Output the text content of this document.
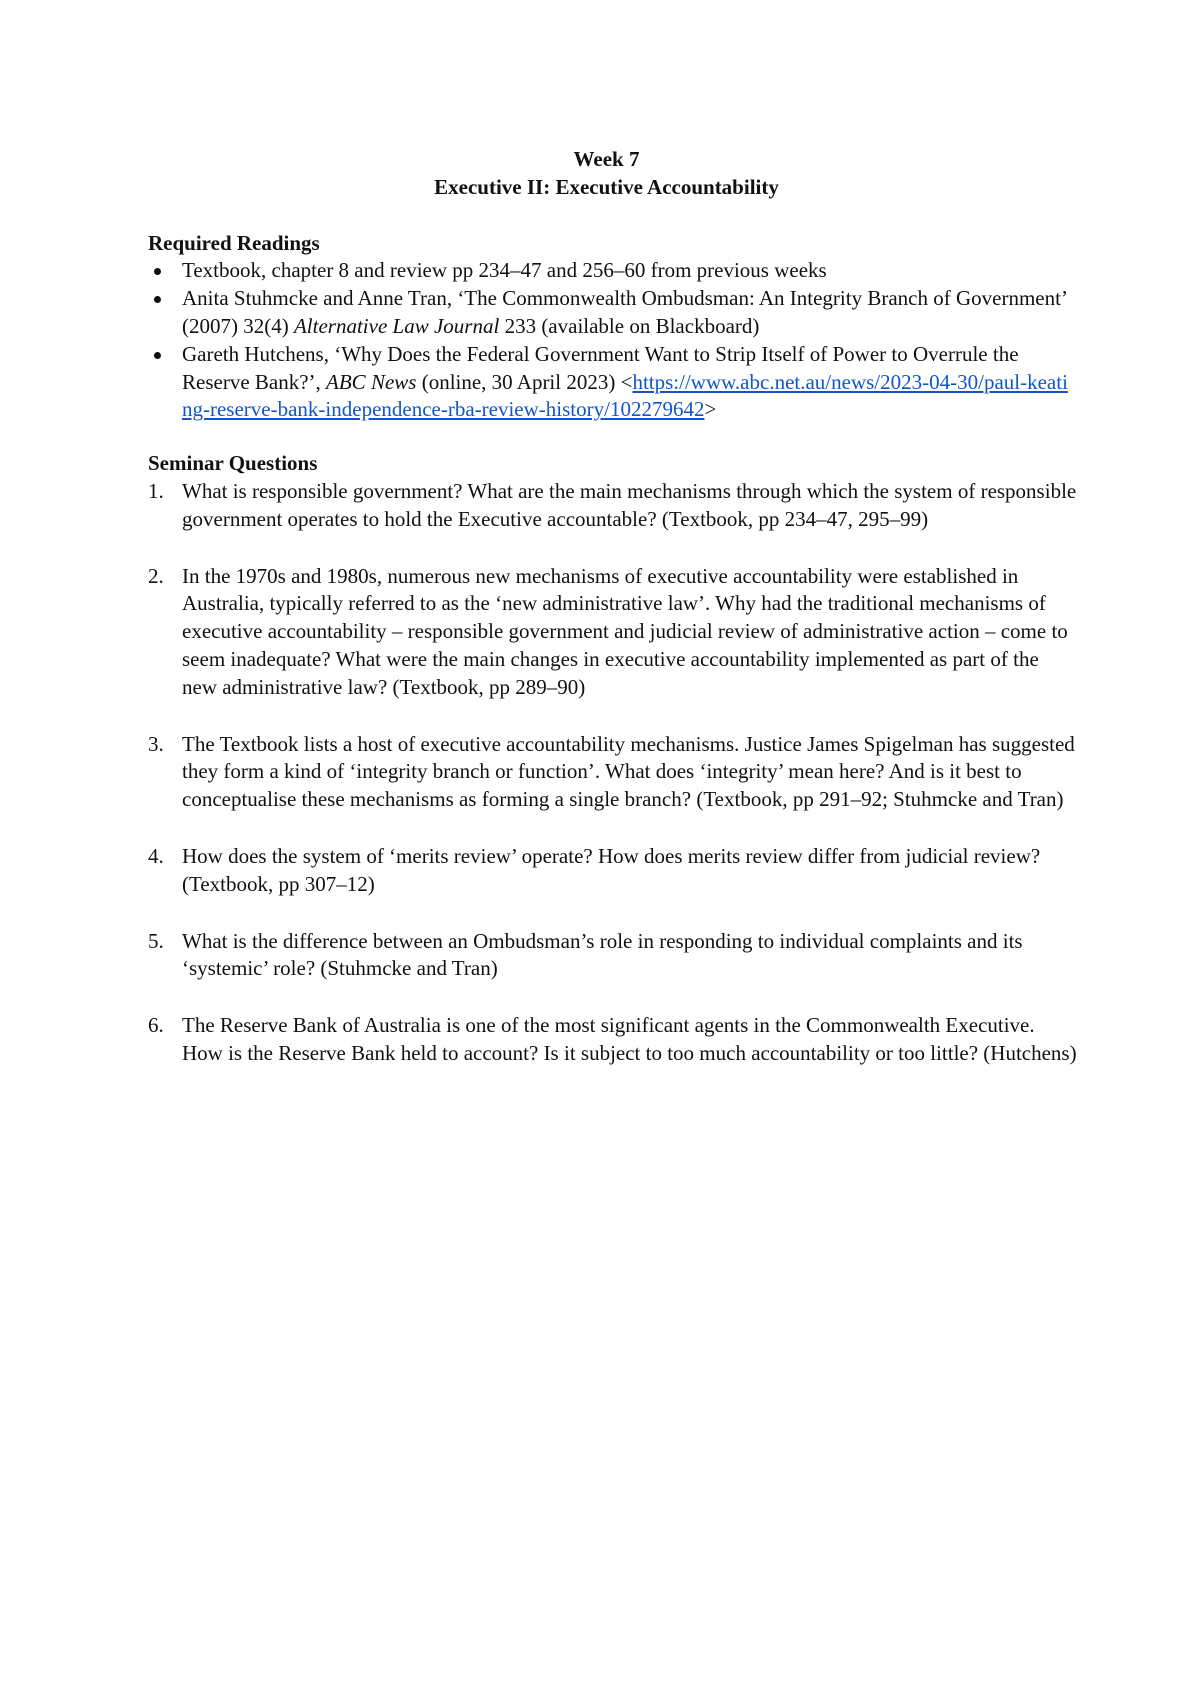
Week 7
Executive II: Executive Accountability

Required Readings

Textbook, chapter 8 and review pp 234–47 and 256–60 from previous weeks
Anita Stuhmcke and Anne Tran, ‘The Commonwealth Ombudsman: An Integrity Branch of Government’ (2007) 32(4) Alternative Law Journal 233 (available on Blackboard)
Gareth Hutchens, ‘Why Does the Federal Government Want to Strip Itself of Power to Overrule the Reserve Bank?’, ABC News (online, 30 April 2023) <https://www.abc.net.au/news/2023-04-30/paul-keating-reserve-bank-independence-rba-review-history/102279642>

Seminar Questions

1. What is responsible government? What are the main mechanisms through which the system of responsible government operates to hold the Executive accountable? (Textbook, pp 234–47, 295–99)
2. In the 1970s and 1980s, numerous new mechanisms of executive accountability were established in Australia, typically referred to as the ‘new administrative law’. Why had the traditional mechanisms of executive accountability – responsible government and judicial review of administrative action – come to seem inadequate? What were the main changes in executive accountability implemented as part of the new administrative law? (Textbook, pp 289–90)
3. The Textbook lists a host of executive accountability mechanisms. Justice James Spigelman has suggested they form a kind of ‘integrity branch or function’. What does ‘integrity’ mean here? And is it best to conceptualise these mechanisms as forming a single branch? (Textbook, pp 291–92; Stuhmcke and Tran)
4. How does the system of ‘merits review’ operate? How does merits review differ from judicial review? (Textbook, pp 307–12)
5. What is the difference between an Ombudsman’s role in responding to individual complaints and its ‘systemic’ role? (Stuhmcke and Tran)
6. The Reserve Bank of Australia is one of the most significant agents in the Commonwealth Executive. How is the Reserve Bank held to account? Is it subject to too much accountability or too little? (Hutchens)
